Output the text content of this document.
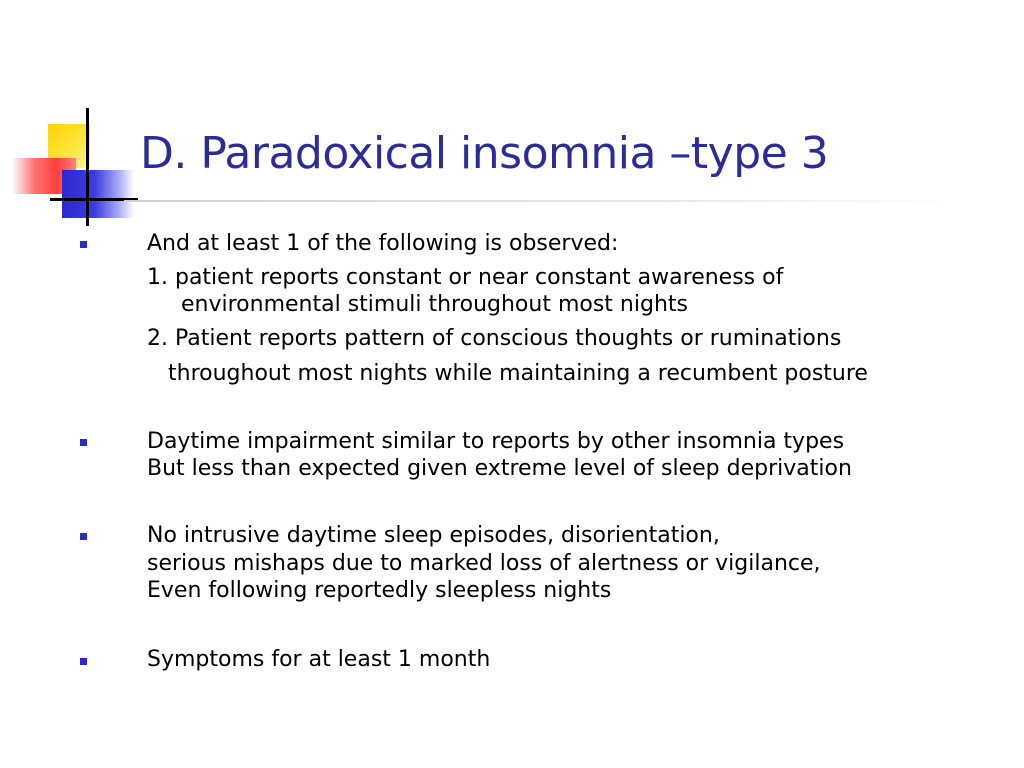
D. Paradoxical insomnia –type 3
And at least 1 of the following is observed:
1. patient reports constant or near constant awareness of
environmental stimuli throughout most nights
2. Patient reports pattern of conscious thoughts or ruminations
throughout most nights while maintaining a recumbent posture
Daytime impairment similar to reports by other insomnia types
But less than expected given extreme level of sleep deprivation
No intrusive daytime sleep episodes, disorientation,
serious mishaps due to marked loss of alertness or vigilance,
Even following reportedly sleepless nights
Symptoms for at least 1 month
